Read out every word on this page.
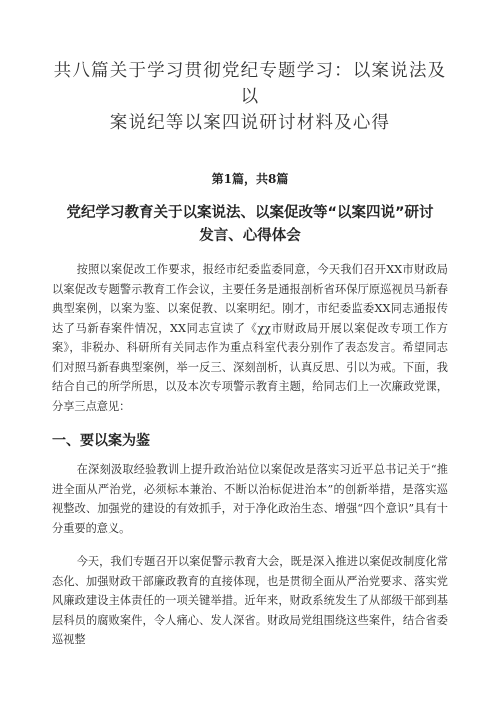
共八篇关于学习贯彻党纪专题学习：以案说法及以
案说纪等以案四说研讨材料及心得
第1篇，共8篇
党纪学习教育关于以案说法、以案促改等“以案四说”研讨
发言、心得体会

按照以案促改工作要求，报经市纪委监委同意，今天我们召开XX市财政局以案促改专题警示教育工作会议，主要任务是通报剖析省环保厅原巡视员马新春典型案例，以案为鉴、以案促教、以案明纪。刚才，市纪委监委XX同志通报传达了马新春案件情况，XX同志宣读了《χχ市财政局开展以案促改专项工作方案》，非税办、科研所有关同志作为重点科室代表分别作了表态发言。希望同志们对照马新春典型案例，举一反三、深刻剖析，认真反思、引以为戒。下面，我结合自己的所学所思，以及本次专项警示教育主题，给同志们上一次廉政党课，分享三点意见：

一、要以案为鉴

在深刻汲取经验教训上提升政治站位以案促改是落实习近平总书记关于“推进全面从严治党，必须标本兼治、不断以治标促进治本”的创新举措，是落实巡视整改、加强党的建设的有效抓手，对于净化政治生态、增强“四个意识”具有十分重要的意义。

今天，我们专题召开以案促警示教育大会，既是深入推进以案促改制度化常态化、加强财政干部廉政教育的直接体现，也是贯彻全面从严治党要求、落实党风廉政建设主体责任的一项关键举措。近年来，财政系统发生了从部级干部到基层科员的腐败案件，令人痛心、发人深省。财政局党组围绕这些案件，结合省委巡视整
